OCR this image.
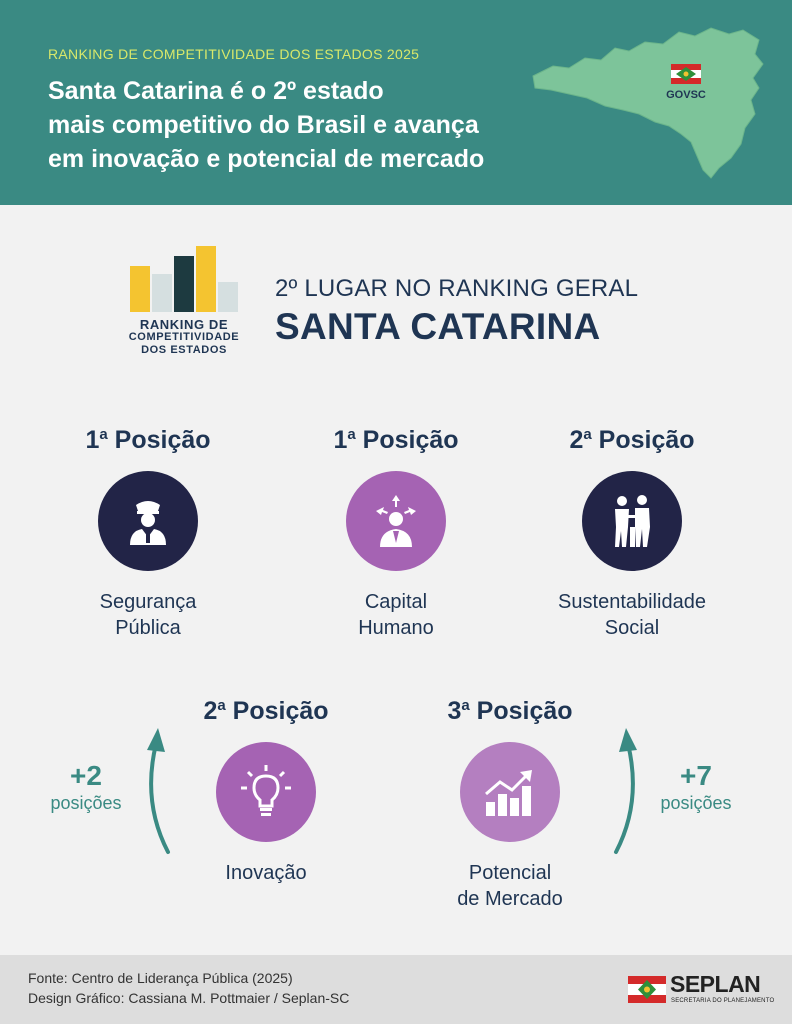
RANKING DE COMPETITIVIDADE DOS ESTADOS 2025
Santa Catarina é o 2º estado
mais competitivo do Brasil e avança
em inovação e potencial de mercado
GOVSC
RANKING DE
COMPETITIVIDADE
DOS ESTADOS
2º LUGAR NO RANKING GERAL
SANTA CATARINA
1$^a$ Posição
Segurança
Pública
1$^a$ Posição
Capital
Humano
2$^a$ Posição
Sustentabilidade
Social
2$^a$ Posição
Inovação
3$^a$ Posição
Potencial
de Mercado
+2
posições
+7
posições
Fonte: Centro de Liderança Pública (2025)
Design Gráfico: Cassiana M. Pottmaier / Seplan-SC
SEPLAN
SECRETARIA DO PLANEJAMENTO
